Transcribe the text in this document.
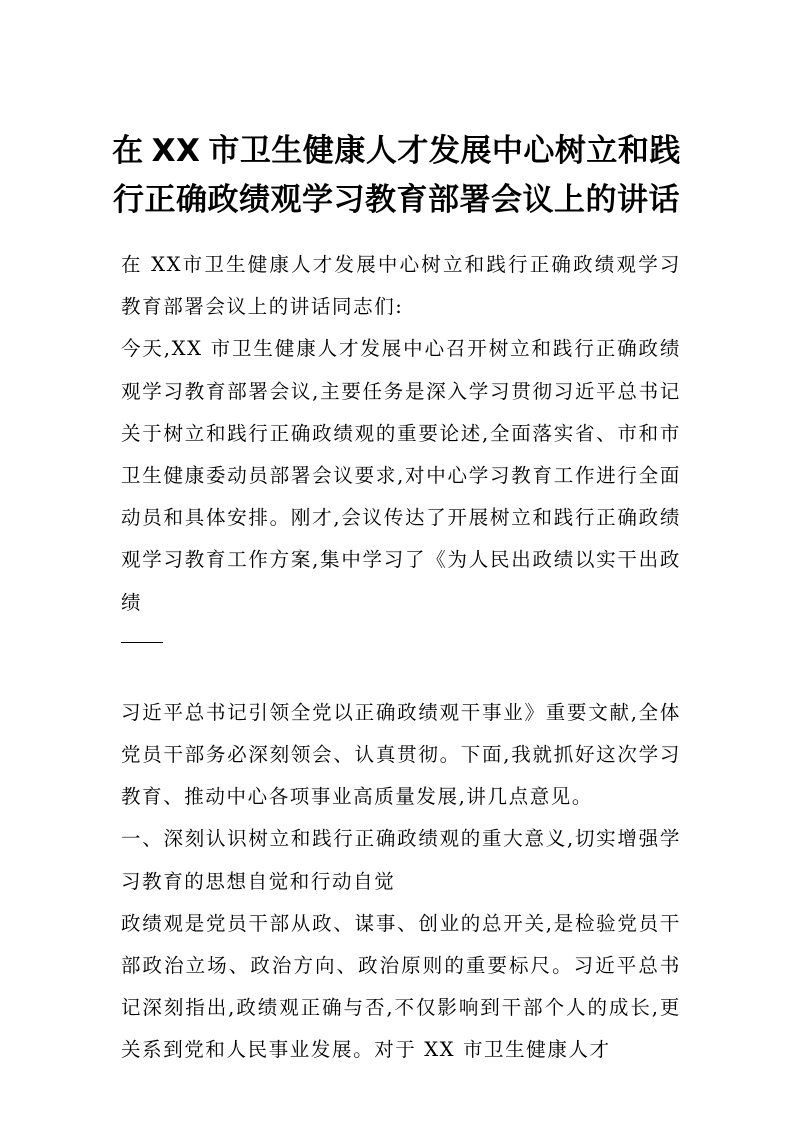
在 XX 市卫生健康人才发展中心树立和践
行正确政绩观学习教育部署会议上的讲话

在 XX市卫生健康人才发展中心树立和践行正确政绩观学习教育部署会议上的讲话同志们:

今天,XX 市卫生健康人才发展中心召开树立和践行正确政绩观学习教育部署会议,主要任务是深入学习贯彻习近平总书记关于树立和践行正确政绩观的重要论述,全面落实省、市和市卫生健康委动员部署会议要求,对中心学习教育工作进行全面动员和具体安排。刚才,会议传达了开展树立和践行正确政绩观学习教育工作方案,集中学习了《为人民出政绩以实干出政绩

习近平总书记引领全党以正确政绩观干事业》重要文献,全体党员干部务必深刻领会、认真贯彻。下面,我就抓好这次学习教育、推动中心各项事业高质量发展,讲几点意见。

一、深刻认识树立和践行正确政绩观的重大意义,切实增强学习教育的思想自觉和行动自觉

政绩观是党员干部从政、谋事、创业的总开关,是检验党员干部政治立场、政治方向、政治原则的重要标尺。习近平总书记深刻指出,政绩观正确与否,不仅影响到干部个人的成长,更关系到党和人民事业发展。对于 XX 市卫生健康人才
